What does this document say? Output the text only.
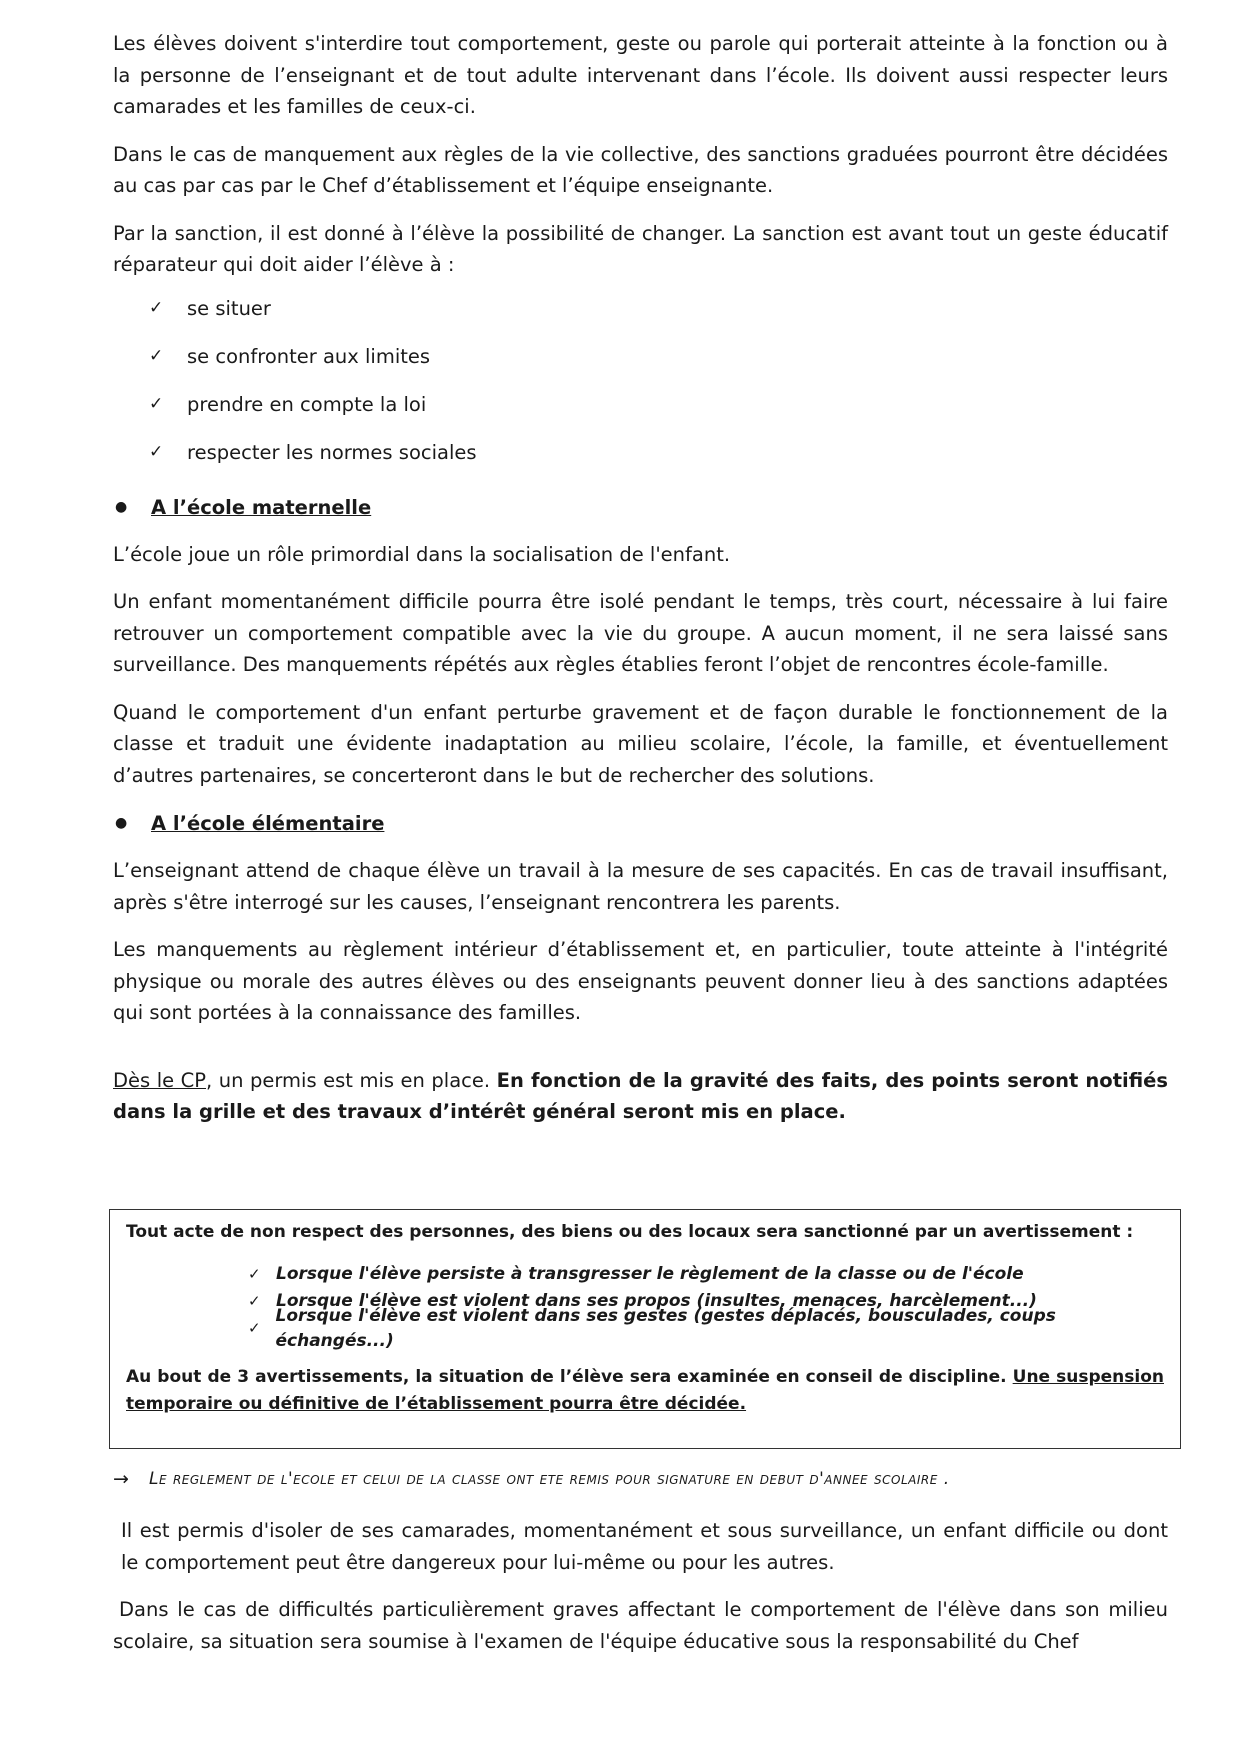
Les élèves doivent s'interdire tout comportement, geste ou parole qui porterait atteinte à la fonction ou à la personne de l’enseignant et de tout adulte intervenant dans l’école. Ils doivent aussi respecter leurs camarades et les familles de ceux-ci.

Dans le cas de manquement aux règles de la vie collective, des sanctions graduées pourront être décidées au cas par cas par le Chef d’établissement et l’équipe enseignante.

Par la sanction, il est donné à l’élève la possibilité de changer. La sanction est avant tout un geste éducatif réparateur qui doit aider l’élève à :

✓	se situer
✓	se confronter aux limites
✓	prendre en compte la loi
✓	respecter les normes sociales
●	A l’école maternelle

L’école joue un rôle primordial dans la socialisation de l'enfant.

Un enfant momentanément difficile pourra être isolé pendant le temps, très court, nécessaire à lui faire retrouver un comportement compatible avec la vie du groupe. A aucun moment, il ne sera laissé sans surveillance. Des manquements répétés aux règles établies feront l’objet de rencontres école-famille.

Quand le comportement d'un enfant perturbe gravement et de façon durable le fonctionnement de la classe et traduit une évidente inadaptation au milieu scolaire, l’école, la famille, et éventuellement d’autres partenaires, se concerteront dans le but de rechercher des solutions.

●	A l’école élémentaire

L’enseignant attend de chaque élève un travail à la mesure de ses capacités. En cas de travail insuffisant, après s'être interrogé sur les causes, l’enseignant rencontrera les parents.

Les manquements au règlement intérieur d’établissement et, en particulier, toute atteinte à l'intégrité physique ou morale des autres élèves ou des enseignants peuvent donner lieu à des sanctions adaptées qui sont portées à la connaissance des familles.

Dès le CP, un permis est mis en place. En fonction de la gravité des faits, des points seront notifiés dans la grille et des travaux d’intérêt général seront mis en place.

Tout acte de non respect des personnes, des biens ou des locaux sera sanctionné par un avertissement :

✓ Lorsque l'élève persiste à transgresser le règlement de la classe ou de l'école
✓ Lorsque l'élève est violent dans ses propos (insultes, menaces, harcèlement...)
✓
Lorsque l'élève est violent dans ses gestes (gestes déplacés, bousculades, coups échangés...)

Au bout de 3 avertissements, la situation de l’élève sera examinée en conseil de discipline. Une suspension temporaire ou définitive de l’établissement pourra être décidée.

→	Le reglement de l'ecole et celui de la classe ont ete remis pour signature en debut d'annee scolaire .

Il est permis d'isoler de ses camarades, momentanément et sous surveillance, un enfant difficile ou dont le comportement peut être dangereux pour lui-même ou pour les autres.

Dans le cas de difficultés particulièrement graves affectant le comportement de l'élève dans son milieu scolaire, sa situation sera soumise à l'examen de l'équipe éducative sous la responsabilité du Chef
